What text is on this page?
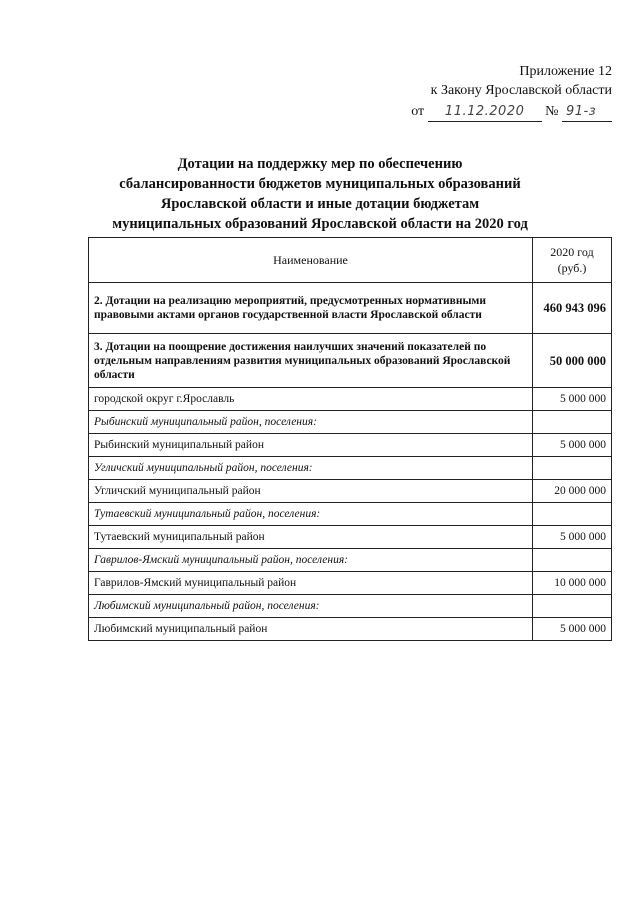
Приложение 12
к Закону Ярославской области
от 11.12.2020 № 91-з
Дотации на поддержку мер по обеспечению
сбалансированности бюджетов муниципальных образований
Ярославской области и иные дотации бюджетам
муниципальных образований Ярославской области на 2020 год
Наименование	2020 год
(руб.)
2. Дотации на реализацию мероприятий, предусмотренных нормативными правовыми актами органов государственной власти Ярославской области	460 943 096
3. Дотации на поощрение достижения наилучших значений показателей по отдельным направлениям развития муниципальных образований Ярославской области	50 000 000
городской округ г.Ярославль	5 000 000
Рыбинский муниципальный район, поселения:	
Рыбинский муниципальный район	5 000 000
Угличский муниципальный район, поселения:	
Угличский муниципальный район	20 000 000
Тутаевский муниципальный район, поселения:	
Тутаевский муниципальный район	5 000 000
Гаврилов-Ямский муниципальный район, поселения:	
Гаврилов-Ямский муниципальный район	10 000 000
Любимский муниципальный район, поселения:	
Любимский муниципальный район	5 000 000
